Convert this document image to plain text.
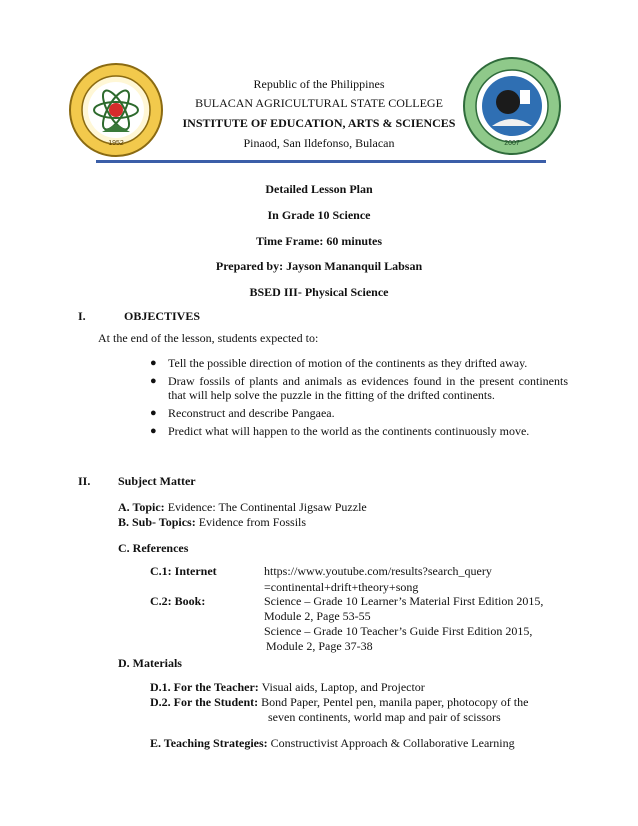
1952	2007
Republic of the Philippines
BULACAN AGRICULTURAL STATE COLLEGE
INSTITUTE OF EDUCATION, ARTS & SCIENCES
Pinaod, San Ildefonso, Bulacan
Detailed Lesson Plan
In Grade 10 Science
Time Frame: 60 minutes
Prepared by: Jayson Mananquil Labsan
BSED III- Physical Science
I.	OBJECTIVES
At the end of the lesson, students expected to:
● Tell the possible direction of motion of the continents as they drifted away.
● Draw fossils of plants and animals as evidences found in the present continents that will help solve the puzzle in the fitting of the drifted continents.
● Reconstruct and describe Pangaea.
● Predict what will happen to the world as the continents continuously move.
II. Subject Matter
A. Topic: Evidence: The Continental Jigsaw Puzzle
B. Sub- Topics: Evidence from Fossils
C. References
C.1: Internet	https://www.youtube.com/results?search_query
=continental+drift+theory+song
C.2: Book:	Science – Grade 10 Learner’s Material First Edition 2015,
Module 2, Page 53-55
Science – Grade 10 Teacher’s Guide First Edition 2015,
Module 2, Page 37-38
D. Materials
D.1. For the Teacher: Visual aids, Laptop, and Projector
D.2. For the Student: Bond Paper, Pentel pen, manila paper, photocopy of the
seven continents, world map and pair of scissors
E. Teaching Strategies: Constructivist Approach & Collaborative Learning
